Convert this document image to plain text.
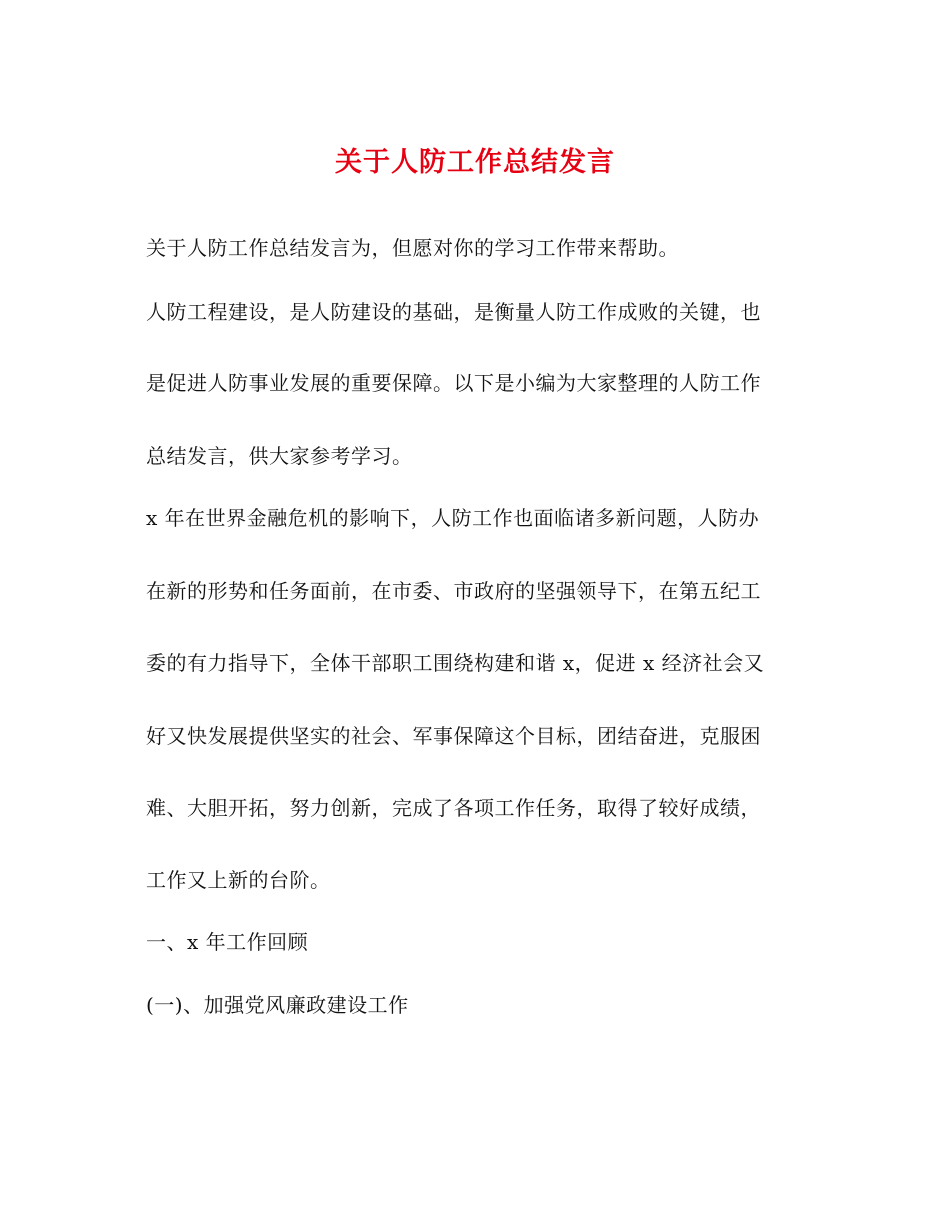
关于人防工作总结发言
关于人防工作总结发言为，但愿对你的学习工作带来帮助。
人防工程建设，是人防建设的基础，是衡量人防工作成败的关键，也
是促进人防事业发展的重要保障。以下是小编为大家整理的人防工作
总结发言，供大家参考学习。
x 年在世界金融危机的影响下，人防工作也面临诸多新问题，人防办
在新的形势和任务面前，在市委、市政府的坚强领导下，在第五纪工
委的有力指导下，全体干部职工围绕构建和谐 x，促进 x 经济社会又
好又快发展提供坚实的社会、军事保障这个目标，团结奋进，克服困
难、大胆开拓，努力创新，完成了各项工作任务，取得了较好成绩，
工作又上新的台阶。
一、x 年工作回顾
(一)、加强党风廉政建设工作
